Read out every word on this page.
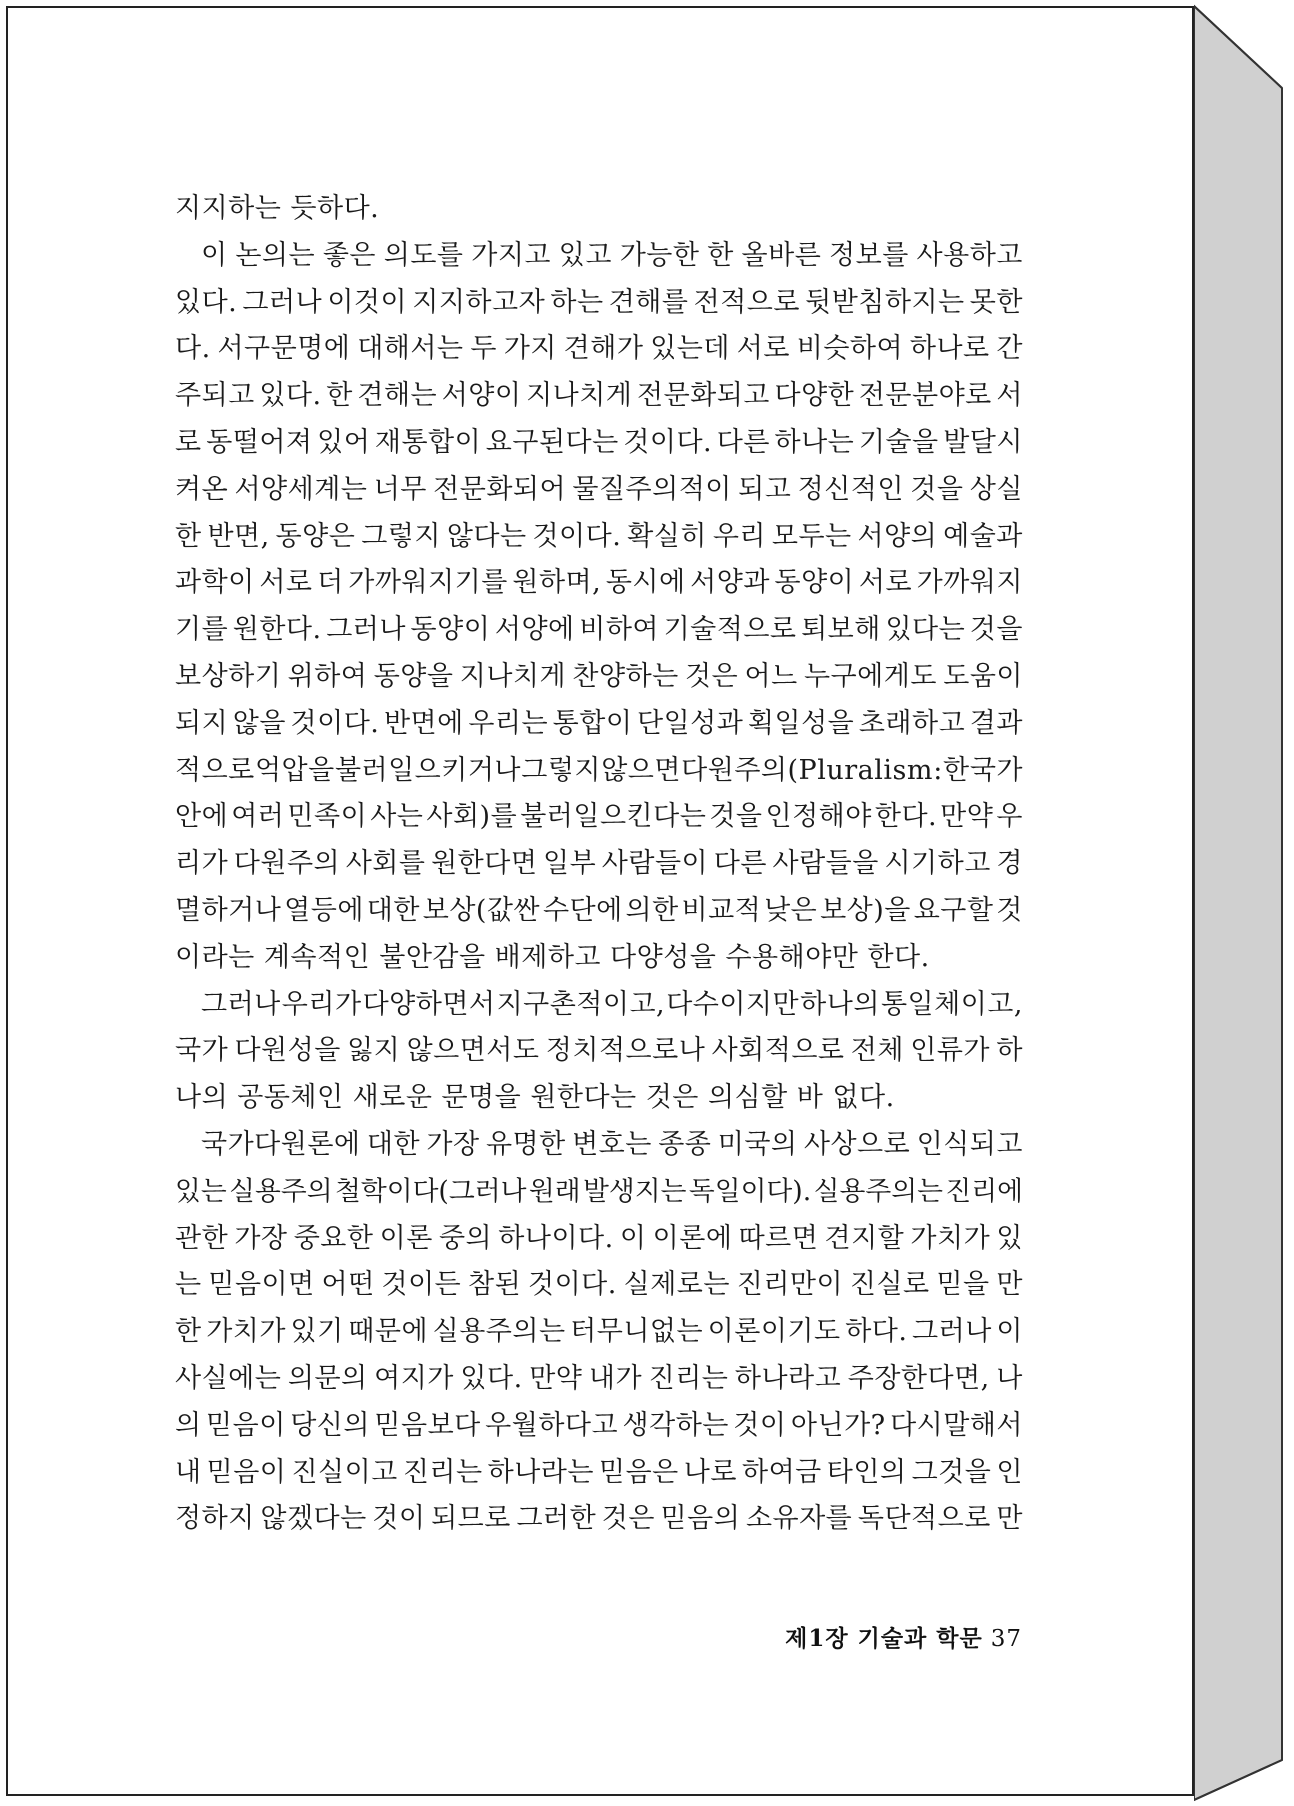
지지하는 듯하다.
이 논의는 좋은 의도를 가지고 있고 가능한 한 올바른 정보를 사용하고
있다. 그러나 이것이 지지하고자 하는 견해를 전적으로 뒷받침하지는 못한
다. 서구문명에 대해서는 두 가지 견해가 있는데 서로 비슷하여 하나로 간
주되고 있다. 한 견해는 서양이 지나치게 전문화되고 다양한 전문분야로 서
로 동떨어져 있어 재통합이 요구된다는 것이다. 다른 하나는 기술을 발달시
켜온 서양세계는 너무 전문화되어 물질주의적이 되고 정신적인 것을 상실
한 반면, 동양은 그렇지 않다는 것이다. 확실히 우리 모두는 서양의 예술과
과학이 서로 더 가까워지기를 원하며, 동시에 서양과 동양이 서로 가까워지
기를 원한다. 그러나 동양이 서양에 비하여 기술적으로 퇴보해 있다는 것을
보상하기 위하여 동양을 지나치게 찬양하는 것은 어느 누구에게도 도움이
되지 않을 것이다. 반면에 우리는 통합이 단일성과 획일성을 초래하고 결과
적으로 억압을 불러일으키거나 그렇지 않으면 다원주의(Pluralism : 한 국가
안에 여러 민족이 사는 사회)를 불러일으킨다는 것을 인정해야 한다. 만약 우
리가 다원주의 사회를 원한다면 일부 사람들이 다른 사람들을 시기하고 경
멸하거나 열등에 대한 보상(값싼 수단에 의한 비교적 낮은 보상)을 요구할 것
이라는 계속적인 불안감을 배제하고 다양성을 수용해야만 한다.
그러나 우리가 다양하면서 지구촌적이고, 다수이지만 하나의 통일체이고,
국가 다원성을 잃지 않으면서도 정치적으로나 사회적으로 전체 인류가 하
나의 공동체인 새로운 문명을 원한다는 것은 의심할 바 없다.
국가다원론에 대한 가장 유명한 변호는 종종 미국의 사상으로 인식되고
있는 실용주의 철학이다(그러나 원래 발생지는 독일이다). 실용주의는 진리에
관한 가장 중요한 이론 중의 하나이다. 이 이론에 따르면 견지할 가치가 있
는 믿음이면 어떤 것이든 참된 것이다. 실제로는 진리만이 진실로 믿을 만
한 가치가 있기 때문에 실용주의는 터무니없는 이론이기도 하다. 그러나 이
사실에는 의문의 여지가 있다. 만약 내가 진리는 하나라고 주장한다면, 나
의 믿음이 당신의 믿음보다 우월하다고 생각하는 것이 아닌가? 다시말해서
내 믿음이 진실이고 진리는 하나라는 믿음은 나로 하여금 타인의 그것을 인
정하지 않겠다는 것이 되므로 그러한 것은 믿음의 소유자를 독단적으로 만
제1장 기술과 학문 37
